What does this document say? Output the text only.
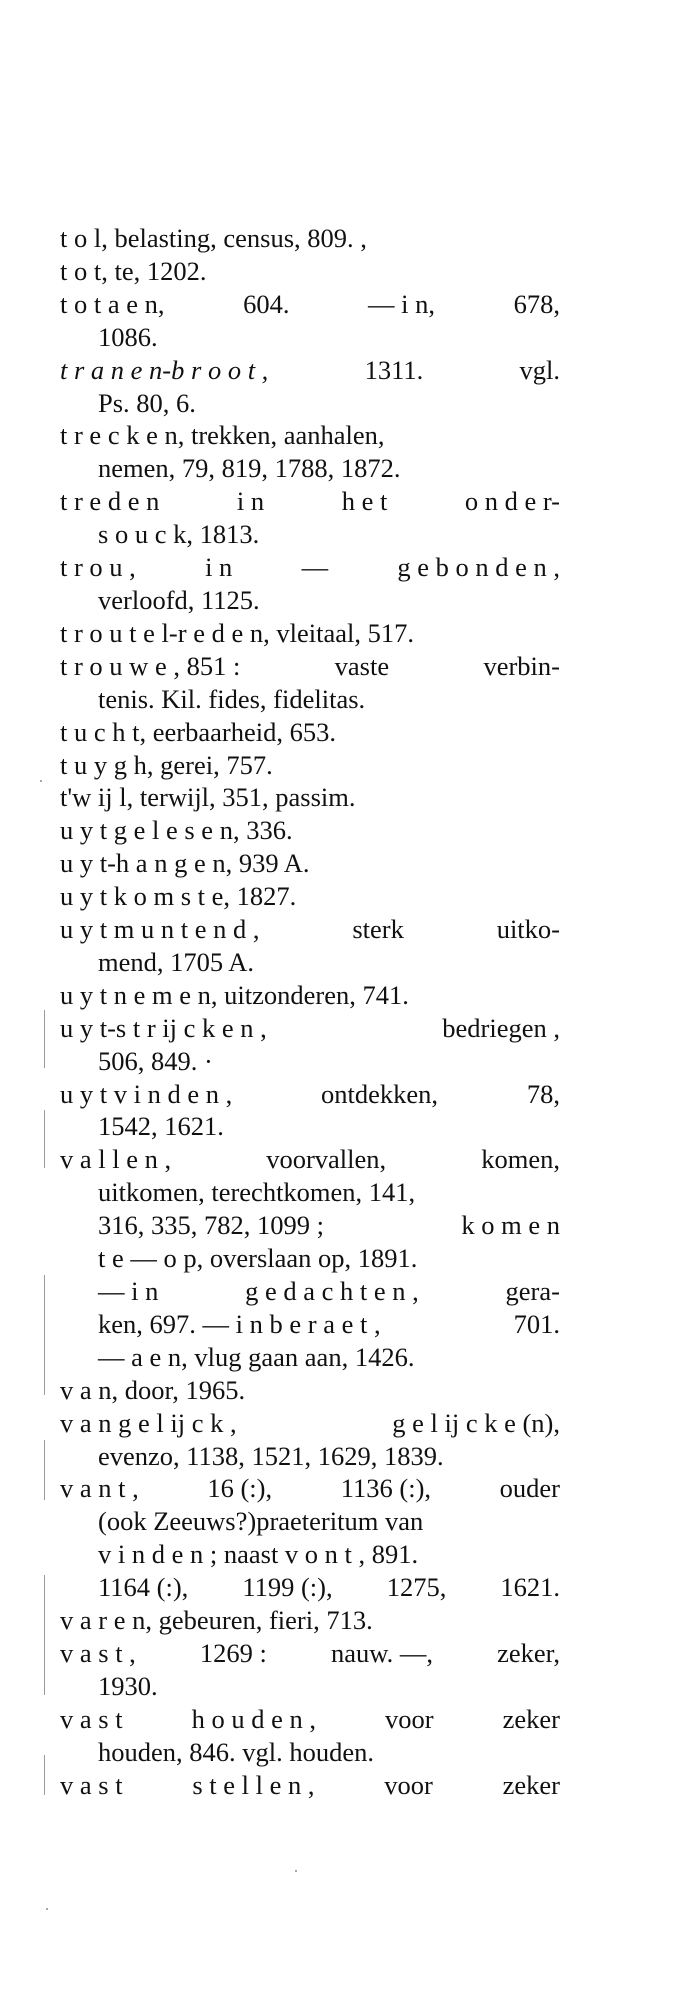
t o l, belasting, census, 809. ,
t o t, te, 1202.
t o t a e n,	604.	— i n,	678,
1086.
t r a n e n-b r o o t ,	1311.	vgl.
Ps. 80, 6.
t r e c k e n, trekken, aanhalen,
nemen, 79, 819, 1788, 1872.
t r e d e n	i n	h e t	o n d e r-
s o u c k, 1813.
t r o u ,	i n	—	g e b o n d e n ,
verloofd, 1125.
t r o u t e l-r e d e n, vleitaal, 517.
t r o u w e , 851 :	vaste	verbin-
tenis. Kil. fides, fidelitas.
t u c h t, eerbaarheid, 653.
t u y g h, gerei, 757.
t'w ij l, terwijl, 351, passim.
u y t g e l e s e n, 336.
u y t-h a n g e n, 939 A.
u y t k o m s t e, 1827.
u y t m u n t e n d ,	sterk	uitko-
mend, 1705 A.
u y t n e m e n, uitzonderen, 741.
u y t-s t r ij c k e n ,	bedriegen ,
506, 849. ·
u y t v i n d e n ,	ontdekken,	78,
1542, 1621.
v a l l e n ,	voorvallen,	komen,
uitkomen, terechtkomen, 141,
316, 335, 782, 1099 ;	k o m e n
t e — o p, overslaan op, 1891.
— i n	g e d a c h t e n ,	gera-
ken, 697. — i n b e r a e t ,	701.
— a e n, vlug gaan aan, 1426.
v a n, door, 1965.
v a n g e l ij c k ,	g e l ij c k e (n),
evenzo, 1138, 1521, 1629, 1839.
v a n t ,	16 (:),	1136 (:),	ouder
(ook Zeeuws?)praeteritum van
v i n d e n ; naast v o n t , 891.
1164 (:), 1199 (:), 1275, 1621.
v a r e n, gebeuren, fieri, 713.
v a s t , 1269 : nauw. —, zeker,
1930.
v a s t	h o u d e n ,	voor	zeker
houden, 846. vgl. houden.
v a s t	s t e l l e n ,	voor	zeker
